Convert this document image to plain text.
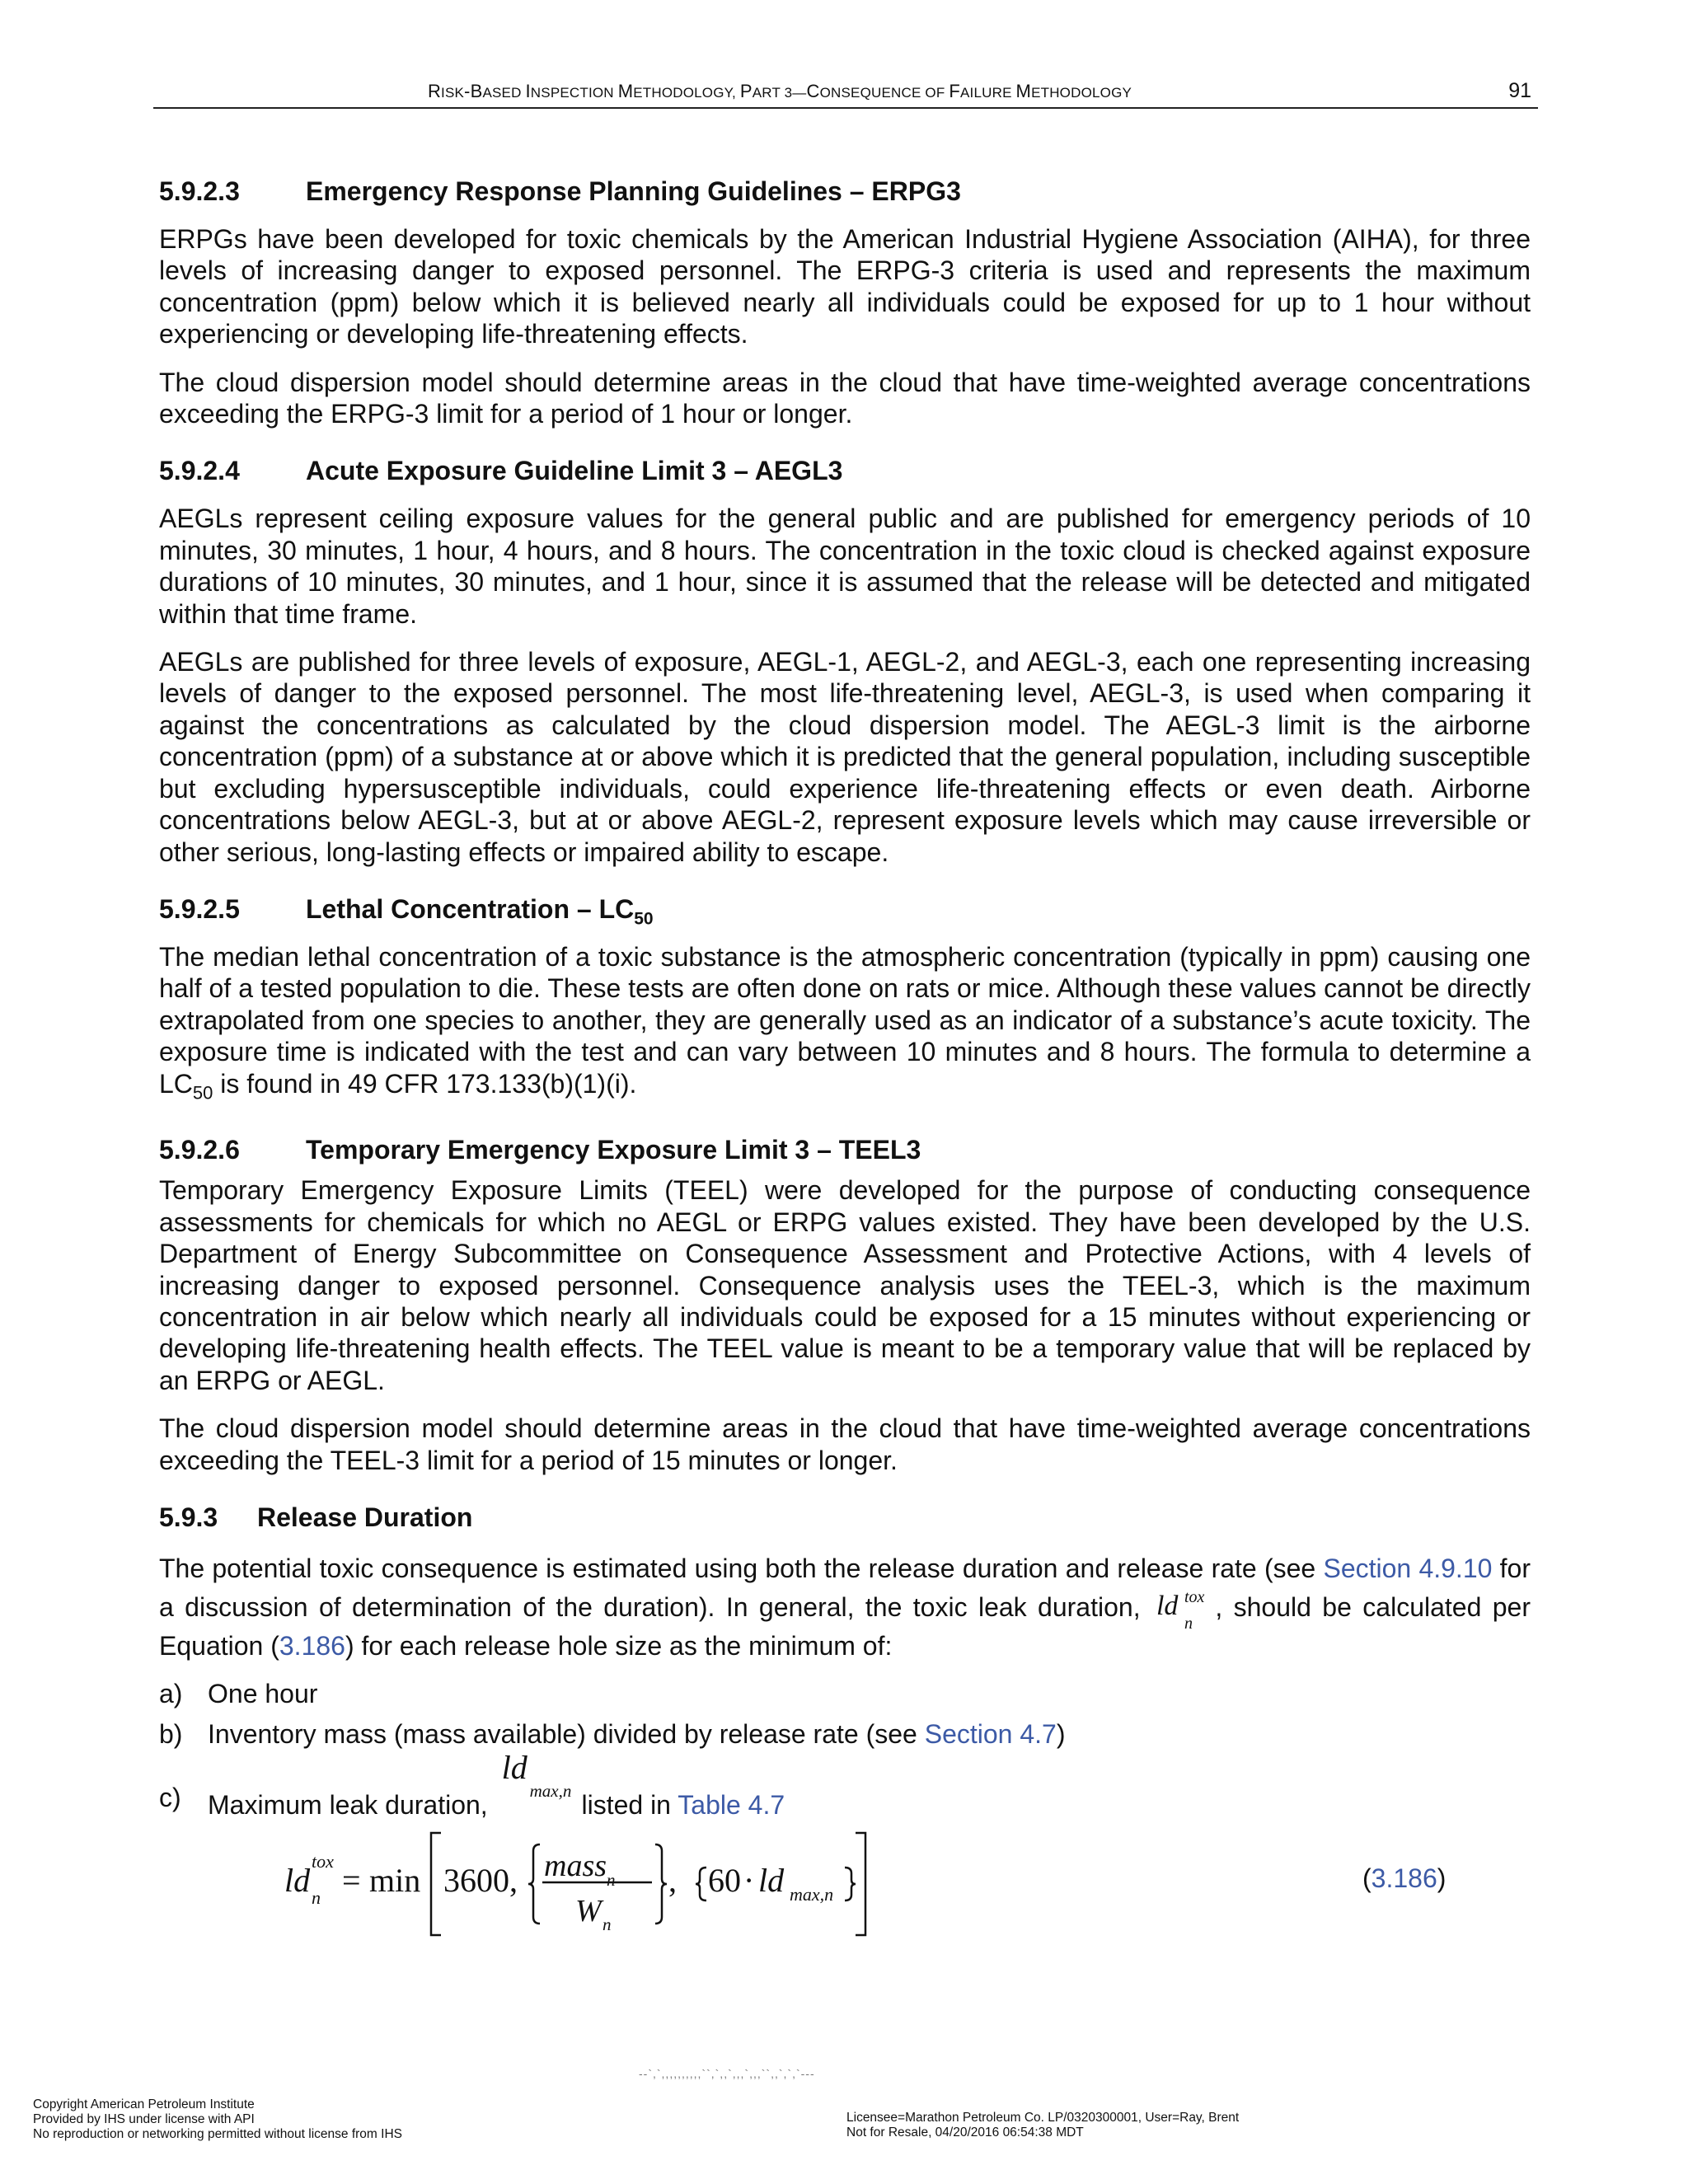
RISK-BASED INSPECTION METHODOLOGY, PART 3—CONSEQUENCE OF FAILURE METHODOLOGY	91
5.9.2.3	Emergency Response Planning Guidelines – ERPG3

ERPGs have been developed for toxic chemicals by the American Industrial Hygiene Association (AIHA), for three levels of increasing danger to exposed personnel. The ERPG-3 criteria is used and represents the maximum concentration (ppm) below which it is believed nearly all individuals could be exposed for up to 1 hour without experiencing or developing life-threatening effects.

The cloud dispersion model should determine areas in the cloud that have time-weighted average concentrations exceeding the ERPG-3 limit for a period of 1 hour or longer.

5.9.2.4	Acute Exposure Guideline Limit 3 – AEGL3

AEGLs represent ceiling exposure values for the general public and are published for emergency periods of 10 minutes, 30 minutes, 1 hour, 4 hours, and 8 hours. The concentration in the toxic cloud is checked against exposure durations of 10 minutes, 30 minutes, and 1 hour, since it is assumed that the release will be detected and mitigated within that time frame.

AEGLs are published for three levels of exposure, AEGL-1, AEGL-2, and AEGL-3, each one representing increasing levels of danger to the exposed personnel. The most life-threatening level, AEGL-3, is used when comparing it against the concentrations as calculated by the cloud dispersion model. The AEGL-3 limit is the airborne concentration (ppm) of a substance at or above which it is predicted that the general population, including susceptible but excluding hypersusceptible individuals, could experience life-threatening effects or even death. Airborne concentrations below AEGL-3, but at or above AEGL-2, represent exposure levels which may cause irreversible or other serious, long-lasting effects or impaired ability to escape.

5.9.2.5	Lethal Concentration – $LC_{50}$

The median lethal concentration of a toxic substance is the atmospheric concentration (typically in ppm) causing one half of a tested population to die. These tests are often done on rats or mice. Although these values cannot be directly extrapolated from one species to another, they are generally used as an indicator of a substance’s acute toxicity. The exposure time is indicated with the test and can vary between 10 minutes and 8 hours. The formula to determine a $LC_{50}$ is found in 49 CFR 173.133(b)(1)(i).

5.9.2.6	Temporary Emergency Exposure Limit 3 – TEEL3

Temporary Emergency Exposure Limits (TEEL) were developed for the purpose of conducting consequence assessments for chemicals for which no AEGL or ERPG values existed. They have been developed by the U.S. Department of Energy Subcommittee on Consequence Assessment and Protective Actions, with 4 levels of increasing danger to exposed personnel. Consequence analysis uses the TEEL-3, which is the maximum concentration in air below which nearly all individuals could be exposed for a 15 minutes without experiencing or developing life-threatening health effects. The TEEL value is meant to be a temporary value that will be replaced by an ERPG or AEGL.

The cloud dispersion model should determine areas in the cloud that have time-weighted average concentrations exceeding the TEEL-3 limit for a period of 15 minutes or longer.

5.9.3 Release Duration

The potential toxic consequence is estimated using both the release duration and release rate (see Section 4.9.10 for a discussion of determination of the duration). In general, the toxic leak duration, ld tox
n
, should be calculated per Equation (3.186) for each release hole size as the minimum of:

a) One hour
b) Inventory mass (mass available) divided by release rate (see Section 4.7)
c) Maximum leak duration,
ld
max,n listed in Table 4.7
ld
tox
n = min 3600, mass n
W n
, 60 · ld max,n
(3.186)
--`,`,,,,,,,,,,``,`,,`,,,`,,,``,,`,`,`---
Copyright American Petroleum Institute
Provided by IHS under license with API
No reproduction or networking permitted without license from IHS
Licensee=Marathon Petroleum Co. LP/0320300001, User=Ray, Brent
Not for Resale, 04/20/2016 06:54:38 MDT
